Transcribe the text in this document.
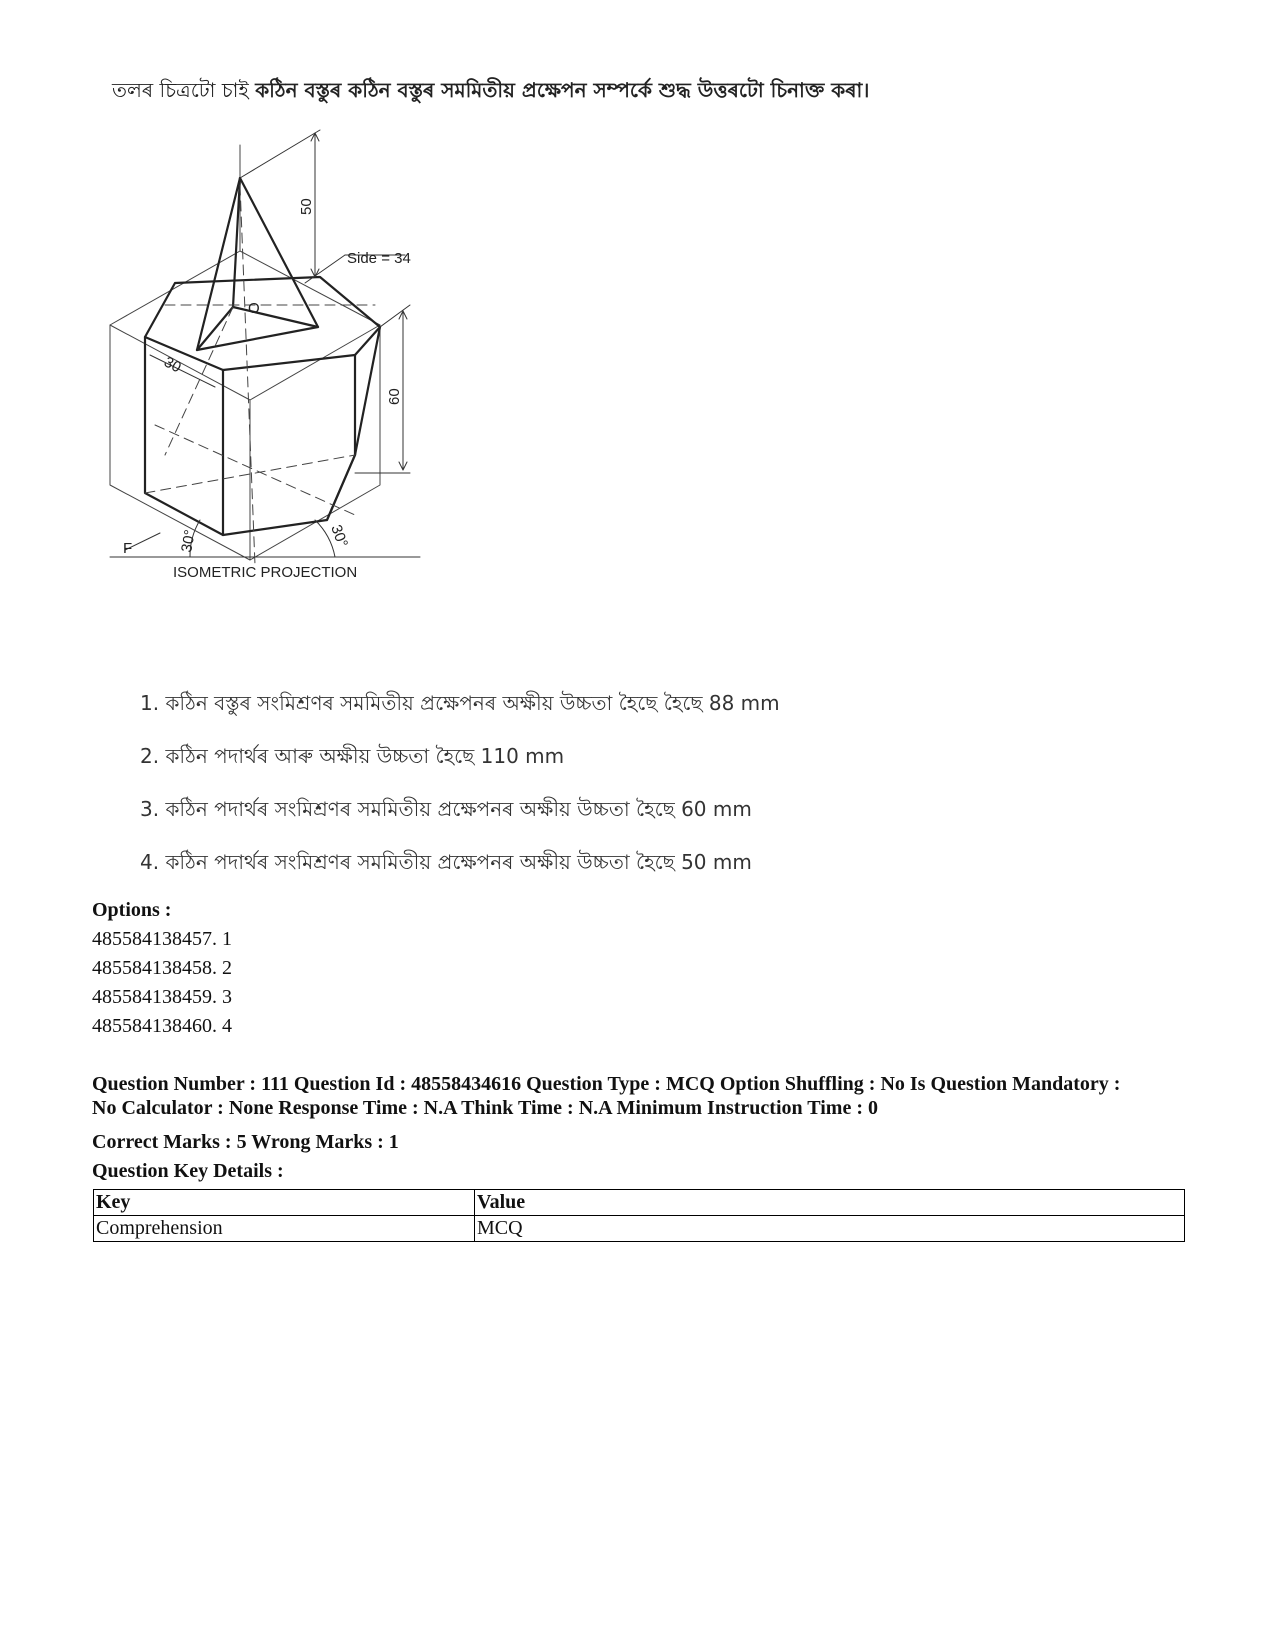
তলৰ চিত্ৰটো চাই কঠিন বস্তুৰ কঠিন বস্তুৰ সমমিতীয় প্ৰক্ষেপন সম্পৰ্কে শুদ্ধ উত্তৰটো চিনাক্ত কৰা।
50
Side = 34
O
30
60
F	30°	30°
ISOMETRIC PROJECTION
1. কঠিন বস্তুৰ সংমিশ্ৰণৰ সমমিতীয় প্ৰক্ষেপনৰ অক্ষীয় উচ্চতা হৈছে হৈছে 88 mm
2. কঠিন পদাৰ্থৰ আৰু অক্ষীয় উচ্চতা হৈছে 110 mm
3. কঠিন পদাৰ্থৰ সংমিশ্ৰণৰ সমমিতীয় প্ৰক্ষেপনৰ অক্ষীয় উচ্চতা হৈছে 60 mm
4. কঠিন পদাৰ্থৰ সংমিশ্ৰণৰ সমমিতীয় প্ৰক্ষেপনৰ অক্ষীয় উচ্চতা হৈছে 50 mm
Options :
485584138457. 1
485584138458. 2
485584138459. 3
485584138460. 4
Question Number : 111 Question Id : 48558434616 Question Type : MCQ Option Shuffling : No Is Question Mandatory :
No Calculator : None Response Time : N.A Think Time : N.A Minimum Instruction Time : 0
Correct Marks : 5 Wrong Marks : 1
Question Key Details :
Key	Value
Comprehension	MCQ
